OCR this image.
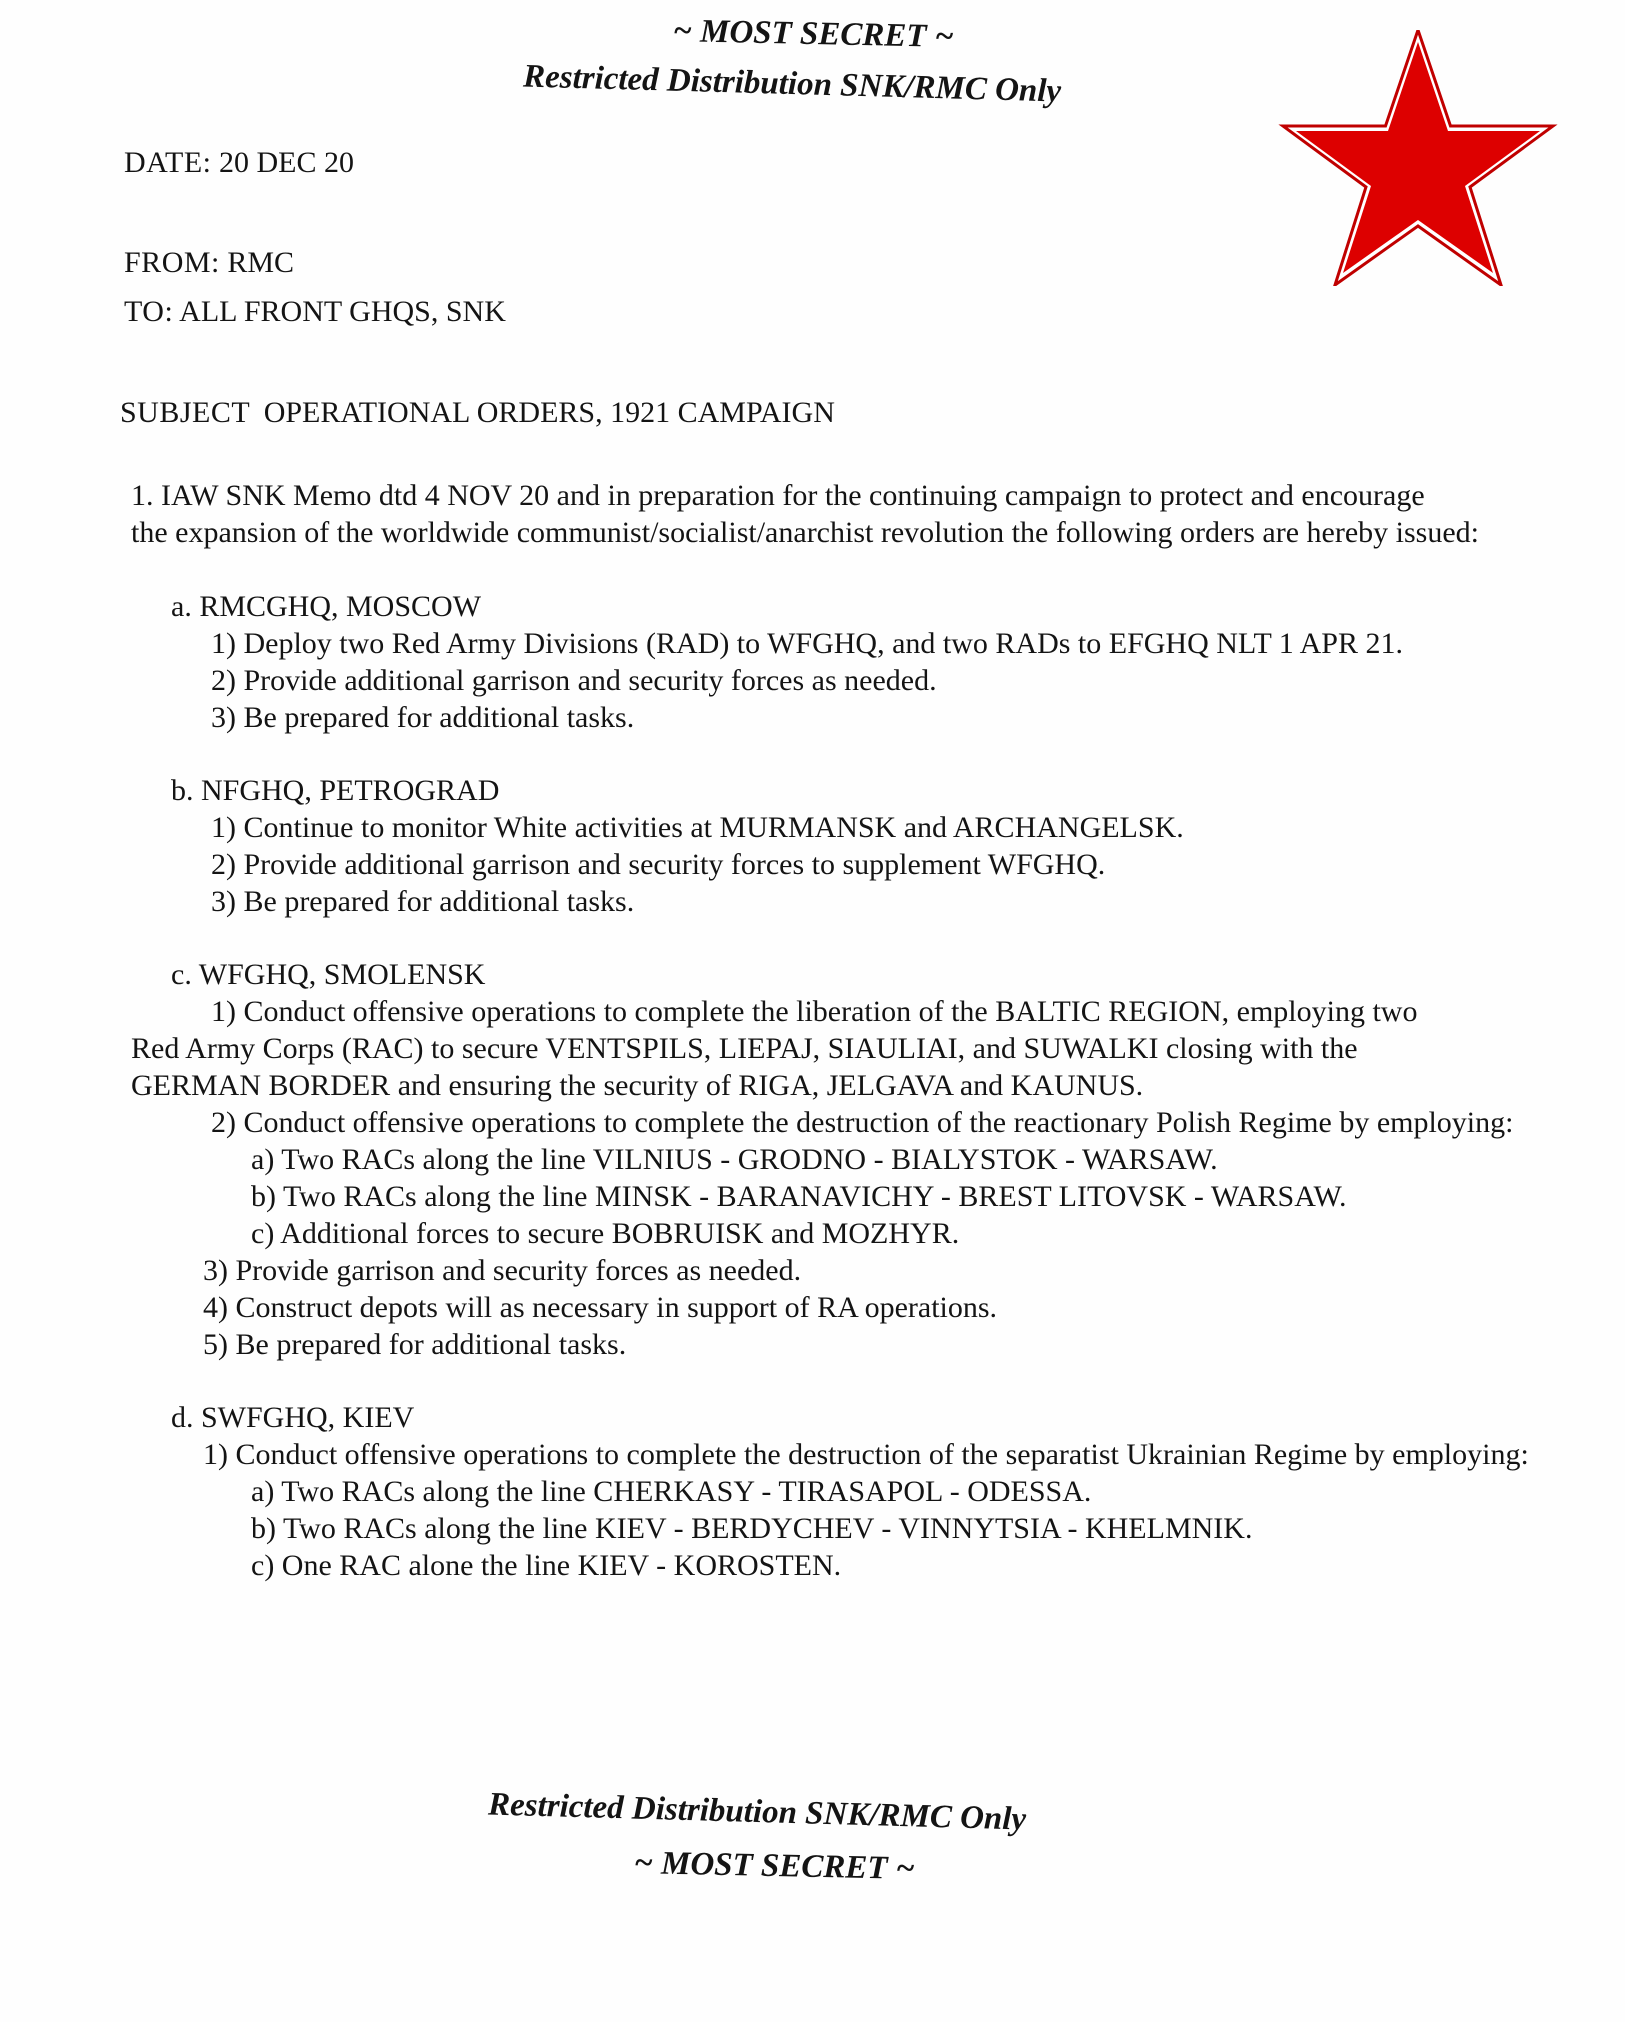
~ MOST SECRET ~
Restricted Distribution SNK/RMC Only
DATE: 20 DEC 20
FROM: RMC
TO: ALL FRONT GHQS, SNK
SUBJECT OPERATIONAL ORDERS, 1921 CAMPAIGN
1. IAW SNK Memo dtd 4 NOV 20 and in preparation for the continuing campaign to protect and encourage
the expansion of the worldwide communist/socialist/anarchist revolution the following orders are hereby issued:
a. RMCGHQ, MOSCOW
1) Deploy two Red Army Divisions (RAD) to WFGHQ, and two RADs to EFGHQ NLT 1 APR 21.
2) Provide additional garrison and security forces as needed.
3) Be prepared for additional tasks.
b. NFGHQ, PETROGRAD
1) Continue to monitor White activities at MURMANSK and ARCHANGELSK.
2) Provide additional garrison and security forces to supplement WFGHQ.
3) Be prepared for additional tasks.
c. WFGHQ, SMOLENSK
1) Conduct offensive operations to complete the liberation of the BALTIC REGION, employing two
Red Army Corps (RAC) to secure VENTSPILS, LIEPAJ, SIAULIAI, and SUWALKI closing with the
GERMAN BORDER and ensuring the security of RIGA, JELGAVA and KAUNUS.
2) Conduct offensive operations to complete the destruction of the reactionary Polish Regime by employing:
a) Two RACs along the line VILNIUS - GRODNO - BIALYSTOK - WARSAW.
b) Two RACs along the line MINSK - BARANAVICHY - BREST LITOVSK - WARSAW.
c) Additional forces to secure BOBRUISK and MOZHYR.
3) Provide garrison and security forces as needed.
4) Construct depots will as necessary in support of RA operations.
5) Be prepared for additional tasks.
d. SWFGHQ, KIEV
1) Conduct offensive operations to complete the destruction of the separatist Ukrainian Regime by employing:
a) Two RACs along the line CHERKASY - TIRASAPOL - ODESSA.
b) Two RACs along the line KIEV - BERDYCHEV - VINNYTSIA - KHELMNIK.
c) One RAC alone the line KIEV - KOROSTEN.
Restricted Distribution SNK/RMC Only
~ MOST SECRET ~
